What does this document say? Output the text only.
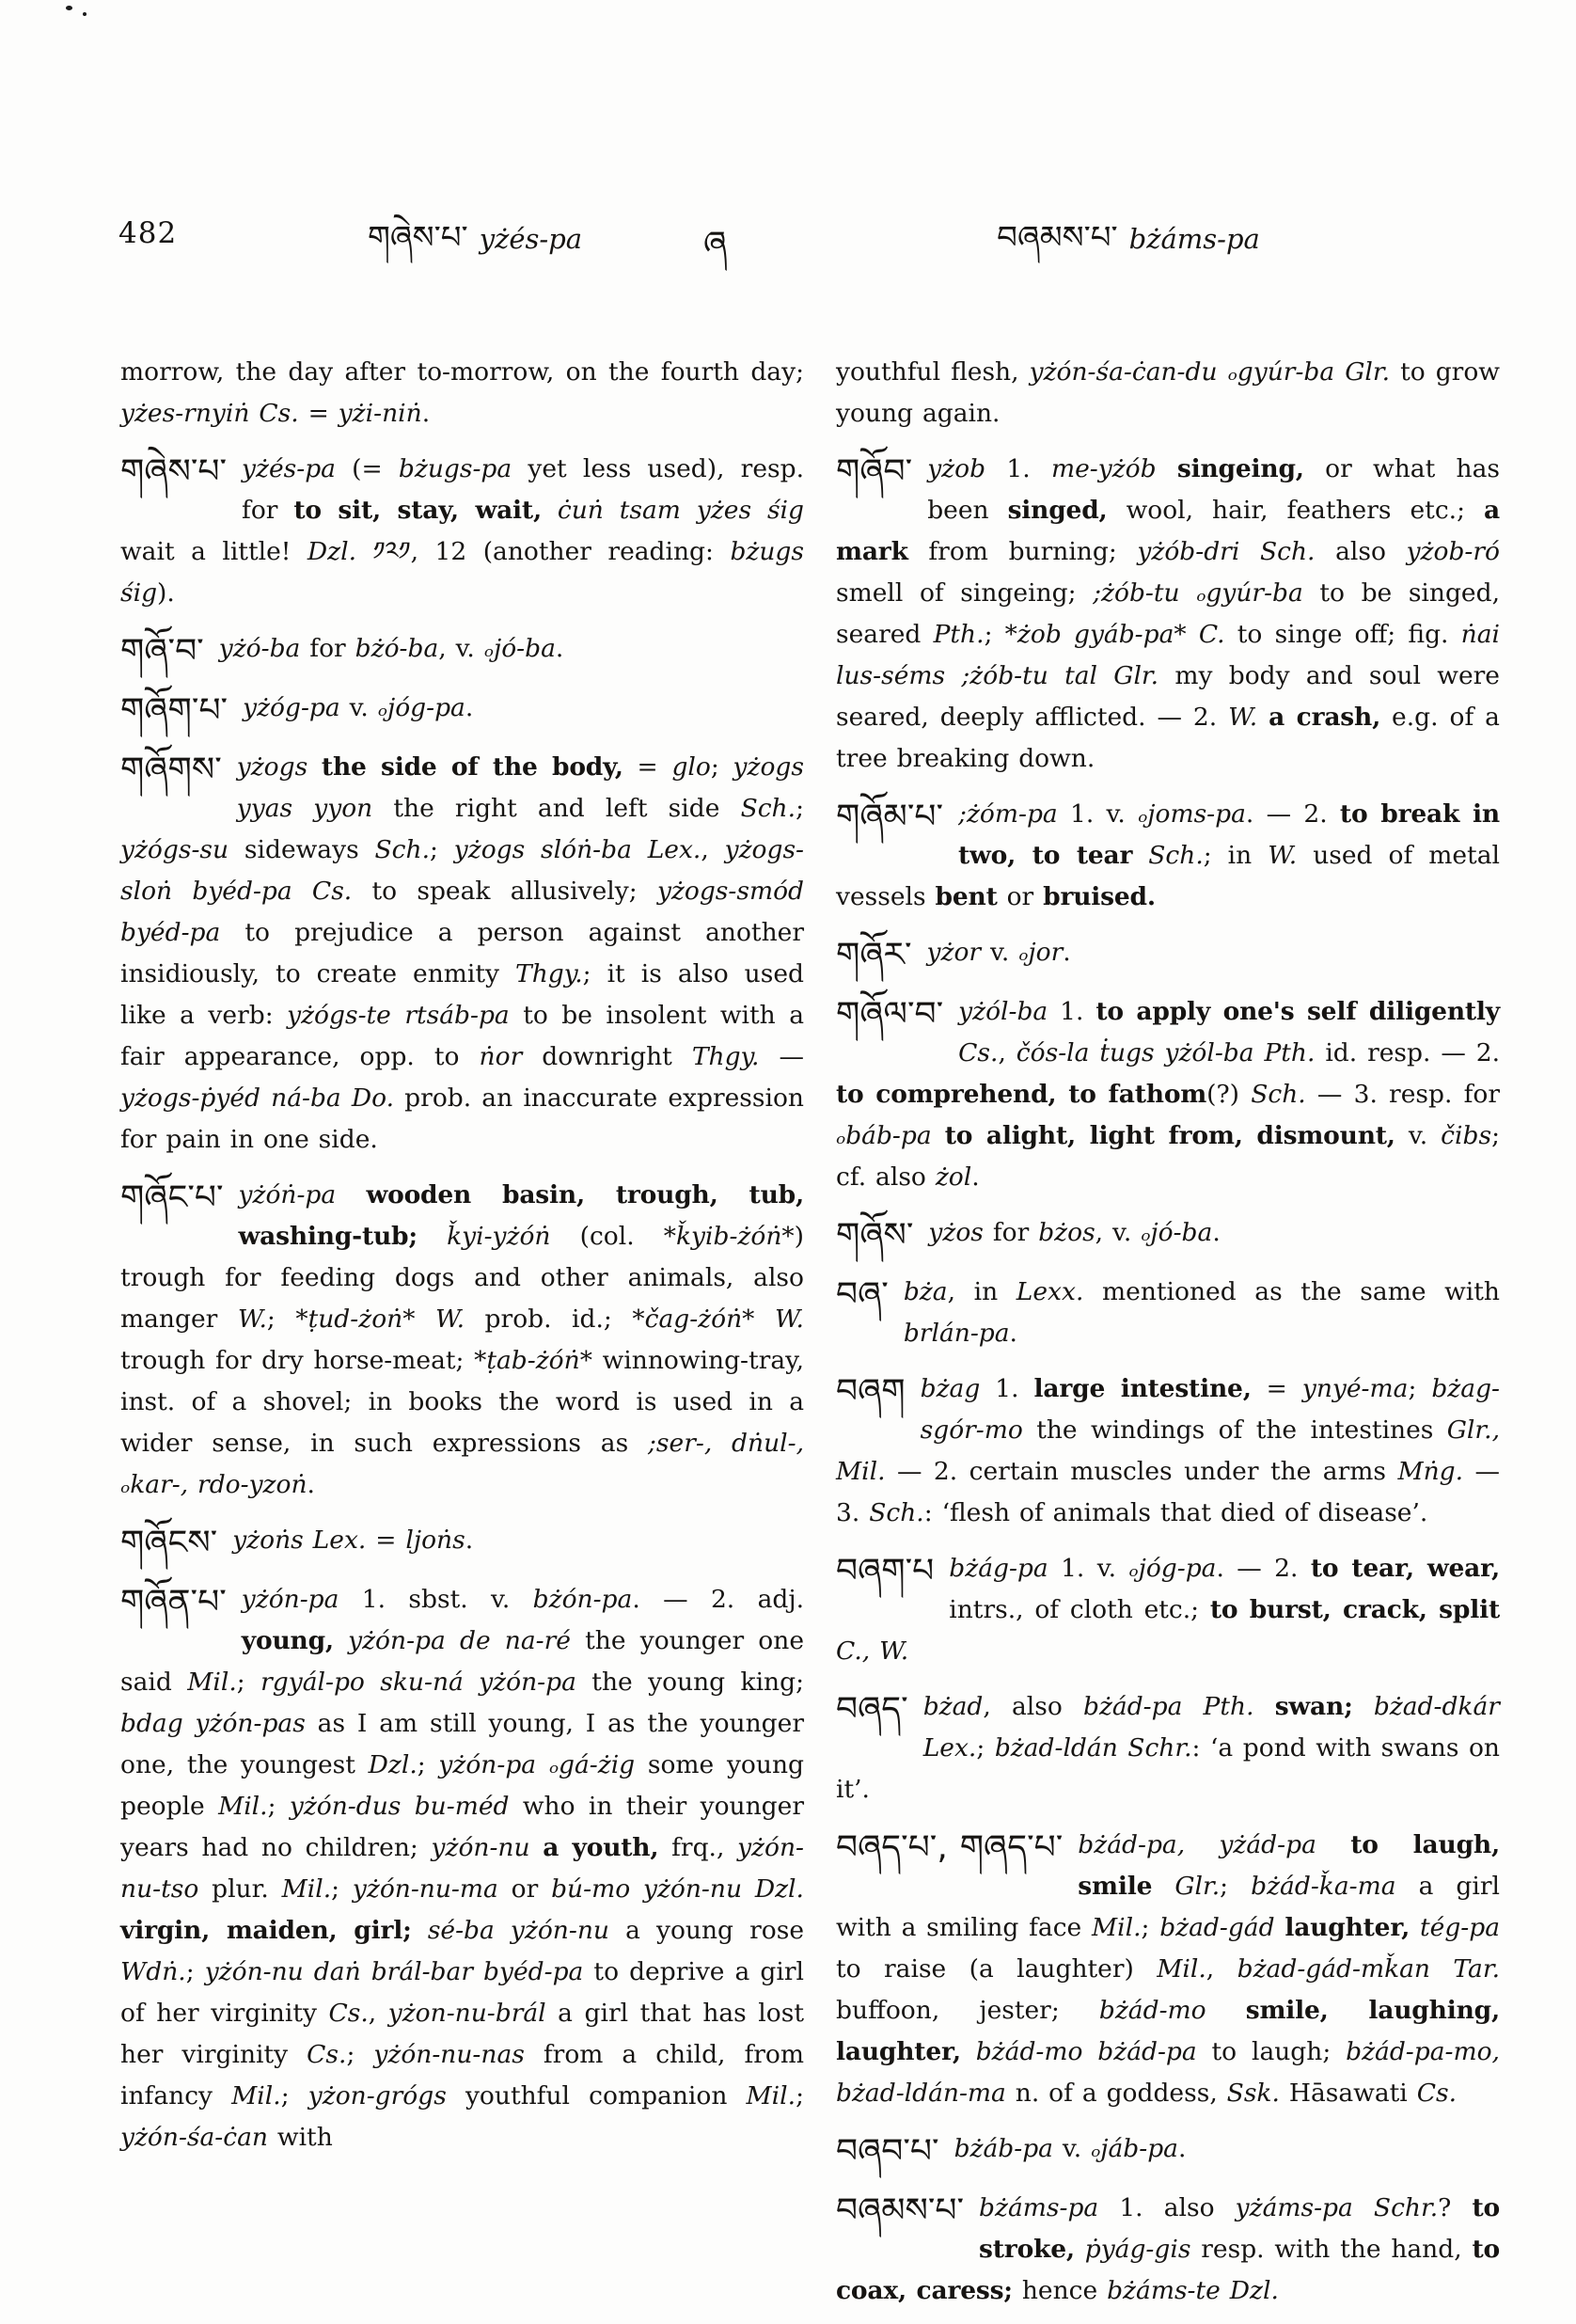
482	གཞེས་པ་ yżés-pa	ཞ	བཞམས་པ་ bżáms-pa
morrow, the day after to-morrow, on the fourth day; yżes-rnyiṅ Cs. = yżi-niṅ.
གཞེས་པ་ yżés-pa (= bżugs-pa yet less used), resp. for to sit, stay, wait, ċuṅ tsam yżes śig wait a little! Dzl. ༡༢༡, 12 (another reading: bżugs śig).
གཞོ་བ་ yżó-ba for bżó-ba, v. ₒjó-ba.
གཞོག་པ་ yżóg-pa v. ₒjóg-pa.
གཞོགས་ yżogs the side of the body, = glo; yżogs yyas yyon the right and left side Sch.; yżógs-su sideways Sch.; yżogs slóṅ-ba Lex., yżogs-sloṅ byéd-pa Cs. to speak allusively; yżogs-smód byéd-pa to prejudice a person against another insidiously, to create enmity Thgy.; it is also used like a verb: yżógs-te rtsáb-pa to be insolent with a fair appearance, opp. to ṅor downright Thgy. — yżogs-ṗyéd ná-ba Do. prob. an inaccurate expression for pain in one side.
གཞོང་པ་ yżóṅ-pa wooden basin, trough, tub, washing-tub; ǩyi-yżóṅ (col. *ǩyib-żóṅ*) trough for feeding dogs and other animals, also manger W.; *ṭud-żoṅ* W. prob. id.; *čag-żóṅ* W. trough for dry horse-meat; *ṭab-żóṅ* winnowing-tray, inst. of a shovel; in books the word is used in a wider sense, in such expressions as ;ser-, dṅul-, ₒkar-, rdo-yzoṅ.
གཞོངས་ yżoṅs Lex. = ljoṅs.
གཞོན་པ་ yżón-pa 1. sbst. v. bżón-pa. — 2. adj. young, yżón-pa de na-ré the younger one said Mil.; rgyál-po sku-ná yżón-pa the young king; bdag yżón-pas as I am still young, I as the younger one, the youngest Dzl.; yżón-pa ₒgá-żig some young people Mil.; yżón-dus bu-méd who in their younger years had no children; yżón-nu a youth, frq., yżón-nu-tso plur. Mil.; yżón-nu-ma or bú-mo yżón-nu Dzl. virgin, maiden, girl; sé-ba yżón-nu a young rose Wdṅ.; yżón-nu daṅ brál-bar byéd-pa to deprive a girl of her virginity Cs., yżon-nu-brál a girl that has lost her virginity Cs.; yżón-nu-nas from a child, from infancy Mil.; yżon-grógs youthful companion Mil.; yżón-śa-ċan with
youthful flesh, yżón-śa-ċan-du ₒgyúr-ba Glr. to grow young again.
གཞོབ་ yżob 1. me-yżób singeing, or what has been singed, wool, hair, feathers etc.; a mark from burning; yżób-dri Sch. also yżob-ró smell of singeing; ;żób-tu ₒgyúr-ba to be singed, seared Pth.; *żob gyáb-pa* C. to singe off; fig. ṅai lus-séms ;żób-tu tal Glr. my body and soul were seared, deeply afflicted. — 2. W. a crash, e.g. of a tree breaking down.
གཞོམ་པ་ ;żóm-pa 1. v. ₒjoms-pa. — 2. to break in two, to tear Sch.; in W. used of metal vessels bent or bruised.
གཞོར་ yżor v. ₒjor.
གཞོལ་བ་ yżól-ba 1. to apply one's self diligently Cs., čós-la ṫugs yżól-ba Pth. id. resp. — 2. to comprehend, to fathom(?) Sch. — 3. resp. for ₒbáb-pa to alight, light from, dismount, v. čibs; cf. also żol.
གཞོས་ yżos for bżos, v. ₒjó-ba.
བཞ་ bża, in Lexx. mentioned as the same with brlán-pa.
བཞག bżag 1. large intestine, = ynyé-ma; bżag-sgór-mo the windings of the intestines Glr., Mil. — 2. certain muscles under the arms Mṅg. — 3. Sch.: ‘flesh of animals that died of disease’.
བཞག་པ bżág-pa 1. v. ₒjóg-pa. — 2. to tear, wear, intrs., of cloth etc.; to burst, crack, split C., W.
བཞད་ bżad, also bżád-pa Pth. swan; bżad-dkár Lex.; bżad-ldán Schr.: ‘a pond with swans on it’.
བཞད་པ་, གཞད་པ་ bżád-pa, yżád-pa to laugh, smile Glr.; bżád-ǩa-ma a girl with a smiling face Mil.; bżad-gád laughter, tég-pa to raise (a laughter) Mil., bżad-gád-mǩan Tar. buffoon, jester; bżád-mo smile, laughing, laughter, bżád-mo bżád-pa to laugh; bżád-pa-mo, bżad-ldán-ma n. of a goddess, Ssk. Hāsawati Cs.
བཞབ་པ་ bżáb-pa v. ₒjáb-pa.
བཞམས་པ་ bżáms-pa 1. also yżáms-pa Schr.? to stroke, ṗyág-gis resp. with the hand, to coax, caress; hence bżáms-te Dzl.
